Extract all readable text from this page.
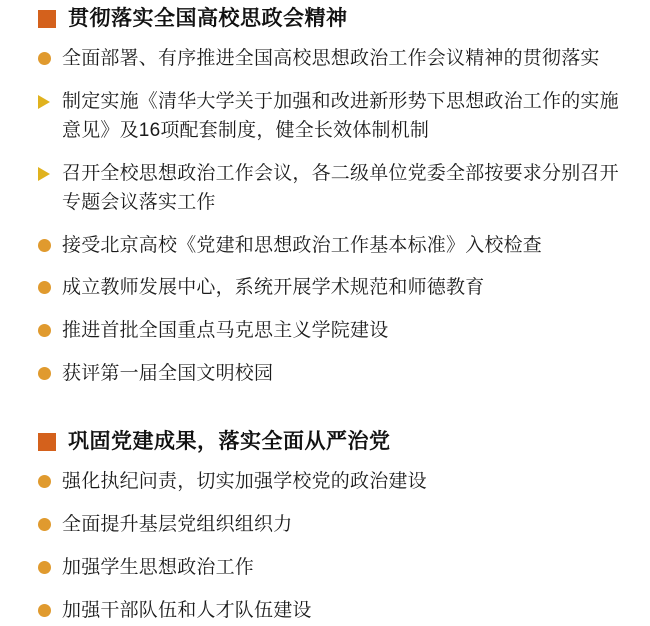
贯彻落实全国高校思政会精神
全面部署、有序推进全国高校思想政治工作会议精神的贯彻落实
制定实施《清华大学关于加强和改进新形势下思想政治工作的实施意见》及16项配套制度，健全长效体制机制
召开全校思想政治工作会议，各二级单位党委全部按要求分别召开专题会议落实工作
接受北京高校《党建和思想政治工作基本标准》入校检查
成立教师发展中心，系统开展学术规范和师德教育
推进首批全国重点马克思主义学院建设
获评第一届全国文明校园
巩固党建成果，落实全面从严治党
强化执纪问责，切实加强学校党的政治建设
全面提升基层党组织组织力
加强学生思想政治工作
加强干部队伍和人才队伍建设
